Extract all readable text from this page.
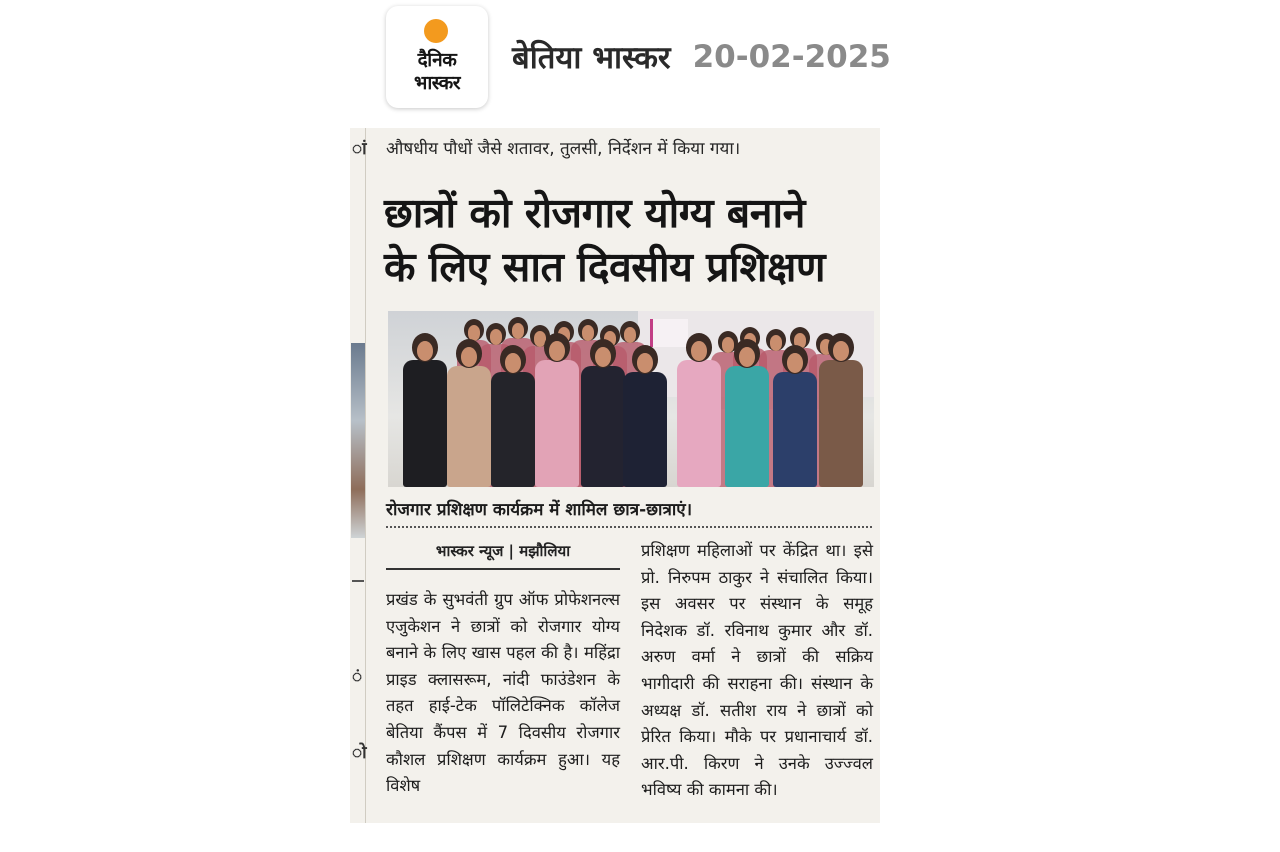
दैनिक
भास्कर
बेतिया भास्कर 20-02-2025
ां
ं
ो
औषधीय पौधों जैसे शतावर, तुलसी, निर्देशन में किया गया।
छात्रों को रोजगार योग्य बनाने
के लिए सात दिवसीय प्रशिक्षण
रोजगार प्रशिक्षण कार्यक्रम में शामिल छात्र-छात्राएं।
भास्कर न्यूज | मझौलिया
प्रखंड के सुभवंती ग्रुप ऑफ प्रोफेशनल्स एजुकेशन ने छात्रों को रोजगार योग्य बनाने के लिए खास पहल की है। महिंद्रा प्राइड क्लासरूम, नांदी फाउंडेशन के तहत हाई-टेक पॉलिटेक्निक कॉलेज बेतिया कैंपस में 7 दिवसीय रोजगार कौशल प्रशिक्षण कार्यक्रम हुआ। यह विशेष
प्रशिक्षण महिलाओं पर केंद्रित था। इसे प्रो. निरुपम ठाकुर ने संचालित किया। इस अवसर पर संस्थान के समूह निदेशक डॉ. रविनाथ कुमार और डॉ. अरुण वर्मा ने छात्रों की सक्रिय भागीदारी की सराहना की। संस्थान के अध्यक्ष डॉ. सतीश राय ने छात्रों को प्रेरित किया। मौके पर प्रधानाचार्य डॉ. आर.पी. किरण ने उनके उज्ज्वल भविष्य की कामना की।
